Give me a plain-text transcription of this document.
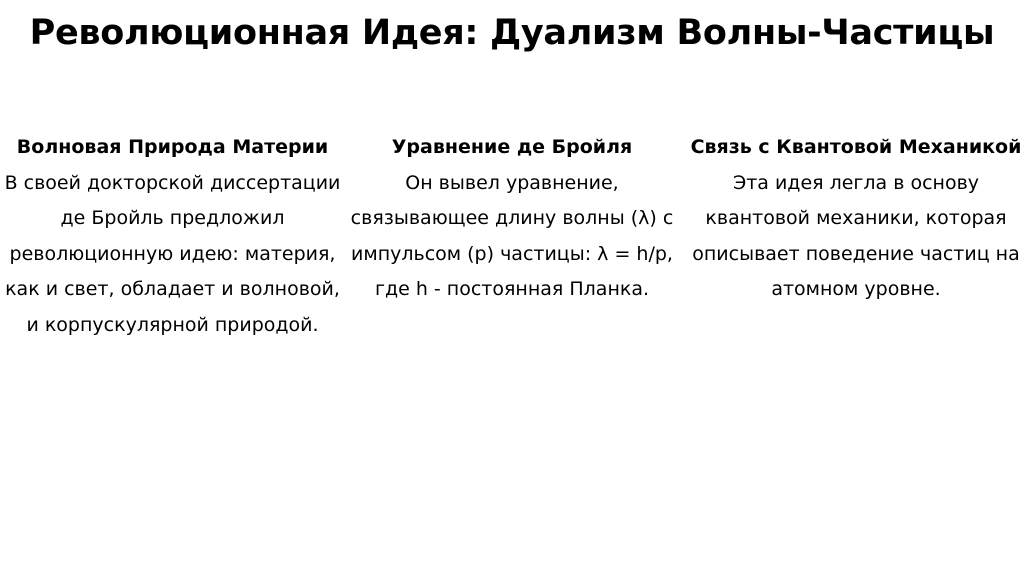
Революционная Идея: Дуализм Волны-Частицы

Волновая Природа Материи

В своей докторской диссертации де Бройль предложил революционную идею: материя, как и свет, обладает и волновой, и корпускулярной природой.

Уравнение де Бройля

Он вывел уравнение, связывающее длину волны (λ) с импульсом (p) частицы: λ = h/p, где h - постоянная Планка.

Связь с Квантовой Механикой

Эта идея легла в основу квантовой механики, которая описывает поведение частиц на атомном уровне.
